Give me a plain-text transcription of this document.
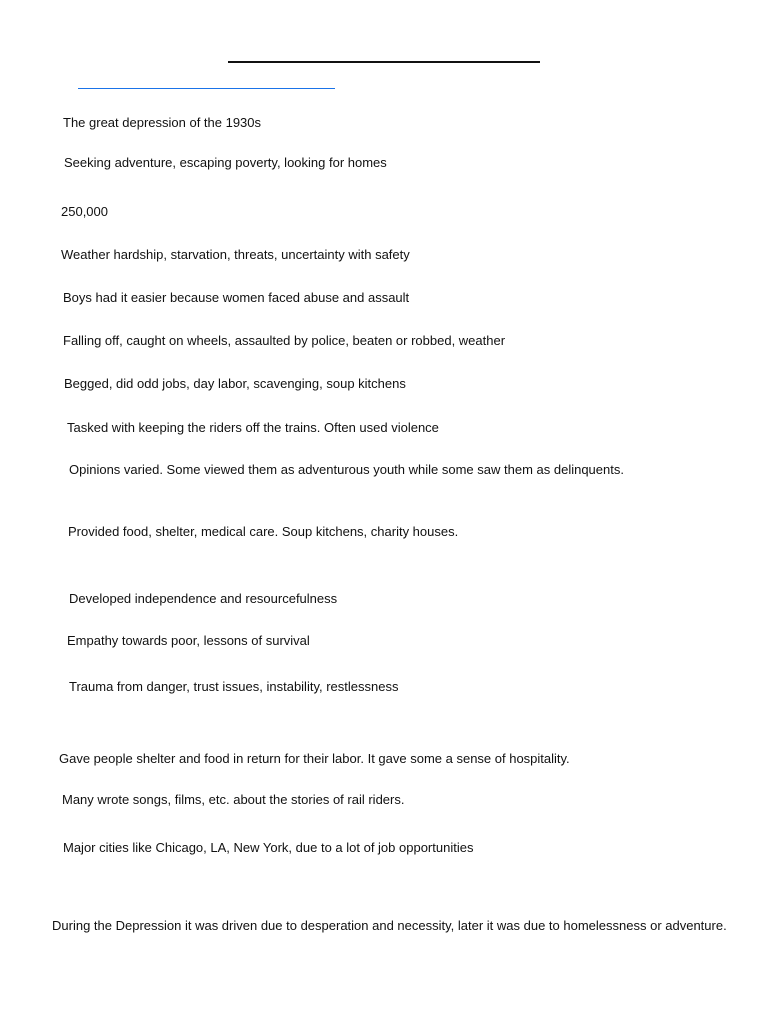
The great depression of the 1930s
Seeking adventure, escaping poverty, looking for homes
250,000
Weather hardship, starvation, threats, uncertainty with safety
Boys had it easier because women faced abuse and assault
Falling off, caught on wheels, assaulted by police, beaten or robbed, weather
Begged, did odd jobs, day labor, scavenging, soup kitchens
Tasked with keeping the riders off the trains. Often used violence
Opinions varied. Some viewed them as adventurous youth while some saw them as delinquents.
Provided food, shelter, medical care. Soup kitchens, charity houses.
Developed independence and resourcefulness
Empathy towards poor, lessons of survival
Trauma from danger, trust issues, instability, restlessness
Gave people shelter and food in return for their labor. It gave some a sense of hospitality.
Many wrote songs, films, etc. about the stories of rail riders.
Major cities like Chicago, LA, New York, due to a lot of job opportunities
During the Depression it was driven due to desperation and necessity, later it was due to homelessness or adventure.
